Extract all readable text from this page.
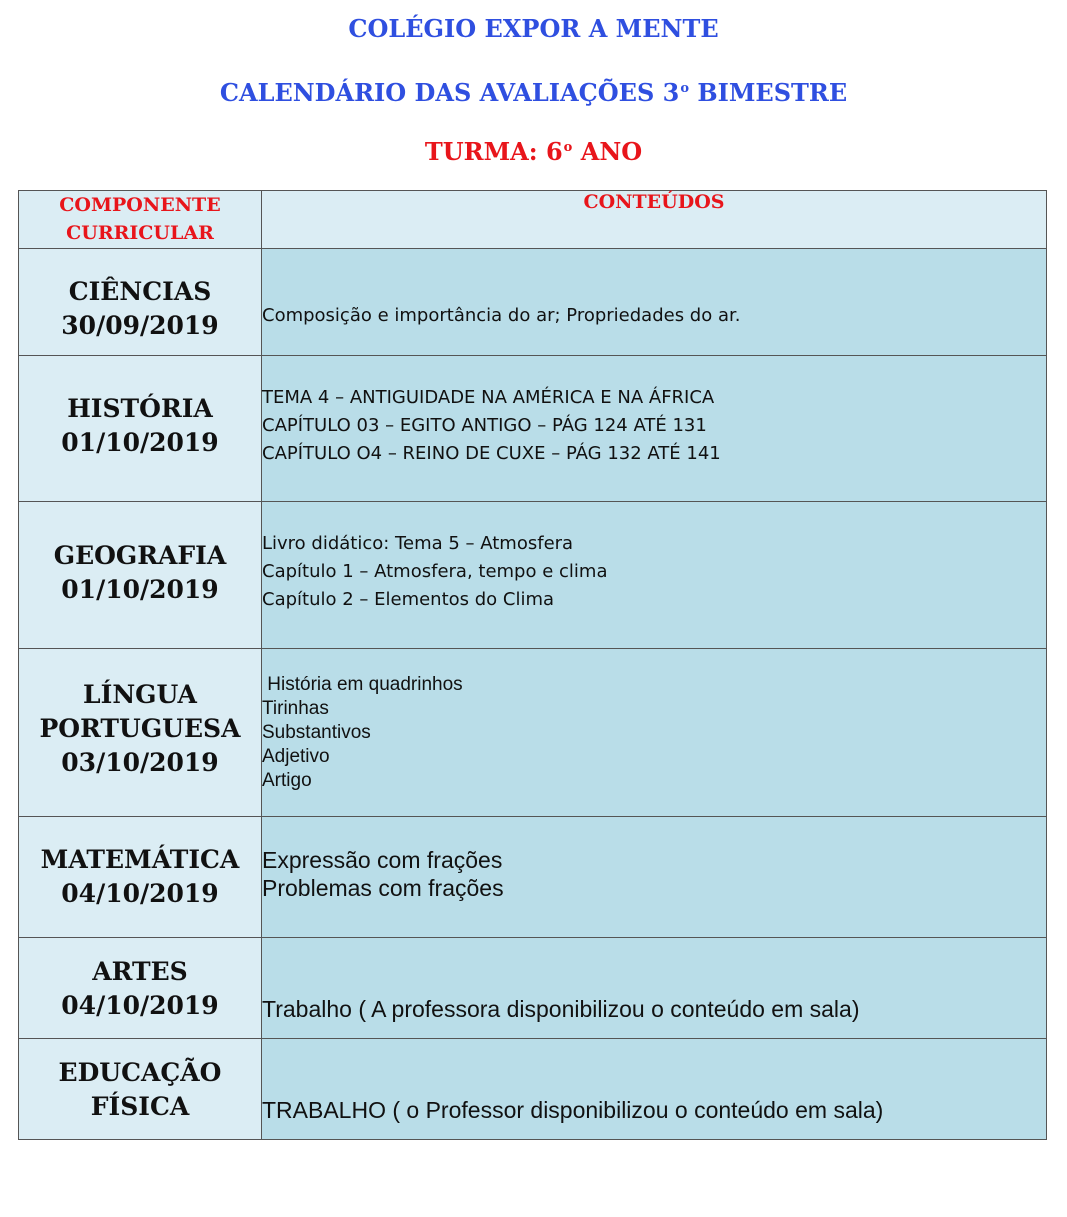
COLÉGIO EXPOR A MENTE
CALENDÁRIO DAS AVALIAÇÕES 3$^o$ BIMESTRE
TURMA: 6$^o$ ANO
COMPONENTE
CURRICULAR	CONTEÚDOS

CIÊNCIAS
30/09/2019	Composição e importância do ar; Propriedades do ar.

HISTÓRIA
01/10/2019	TEMA 4 – ANTIGUIDADE NA AMÉRICA E NA ÁFRICA
CAPÍTULO 03 – EGITO ANTIGO – PÁG 124 ATÉ 131
CAPÍTULO O4 – REINO DE CUXE – PÁG 132 ATÉ 141

GEOGRAFIA
01/10/2019	Livro didático: Tema 5 – Atmosfera
Capítulo 1 – Atmosfera, tempo e clima
Capítulo 2 – Elementos do Clima

LÍNGUA
PORTUGUESA
03/10/2019	História em quadrinhos
Tirinhas
Substantivos
Adjetivo
Artigo

MATEMÁTICA
04/10/2019	Expressão com frações
Problemas com frações

ARTES
04/10/2019	Trabalho ( A professora disponibilizou o conteúdo em sala)

EDUCAÇÃO
FÍSICA	TRABALHO ( o Professor disponibilizou o conteúdo em sala)
